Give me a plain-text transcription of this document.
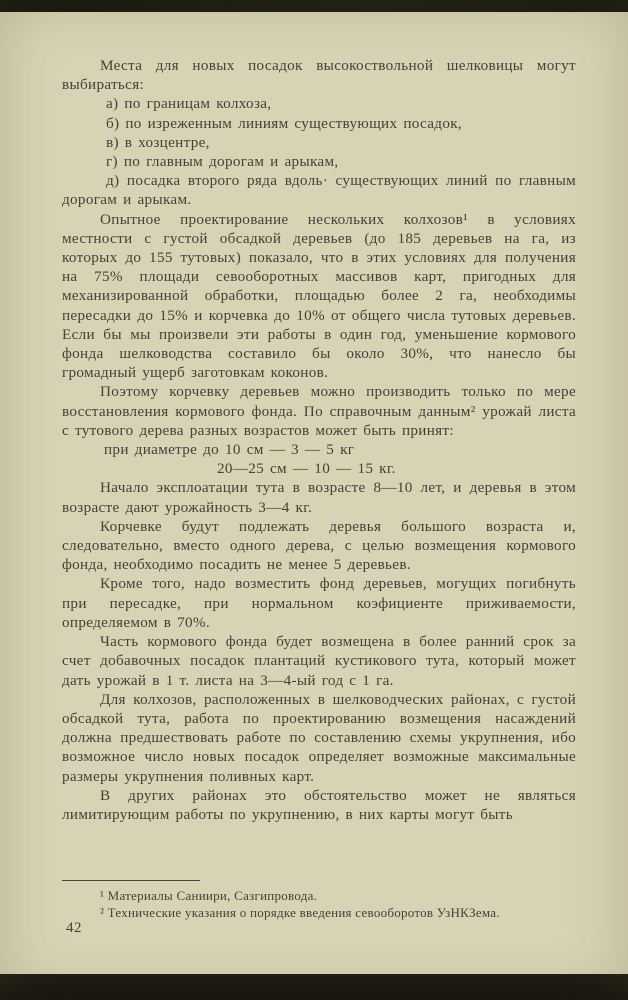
Места для новых посадок высокоствольной шелковицы могут выбираться:

а) по границам колхоза,

б) по изреженным линиям существующих посадок,

в) в хозцентре,

г) по главным дорогам и арыкам,

д) посадка второго ряда вдоль· существующих линий по главным дорогам и арыкам.

Опытное проектирование нескольких колхозов¹ в условиях местности с густой обсадкой деревьев (до 185 деревьев на га, из которых до 155 тутовых) показало, что в этих условиях для получения на 75% площади севооборотных массивов карт, пригодных для механизированной обработки, площадью более 2 га, необходимы пересадки до 15% и корчевка до 10% от общего числа тутовых деревьев. Если бы мы произвели эти работы в один год, уменьшение кормового фонда шелководства составило бы около 30%, что нанесло бы громадный ущерб заготовкам коконов.

Поэтому корчевку деревьев можно производить только по мере восстановления кормового фонда. По справочным данным² урожай листа с тутового дерева разных возрастов может быть принят:

при диаметре до 10 см — 3 — 5 кг

20—25 см — 10 — 15 кг.

Начало эксплоатации тута в возрасте 8—10 лет, и деревья в этом возрасте дают урожайность 3—4 кг.

Корчевке будут подлежать деревья большого возраста и, следовательно, вместо одного дерева, с целью возмещения кормового фонда, необходимо посадить не менее 5 деревьев.

Кроме того, надо возместить фонд деревьев, могущих погибнуть при пересадке, при нормальном коэфициенте приживаемости, определяемом в 70%.

Часть кормового фонда будет возмещена в более ранний срок за счет добавочных посадок плантаций кустикового тута, который может дать урожай в 1 т. листа на 3—4-ый год с 1 га.

Для колхозов, расположенных в шелководческих районах, с густой обсадкой тута, работа по проектированию возмещения насаждений должна предшествовать работе по составлению схемы укрупнения, ибо возможное число новых посадок определяет возможные максимальные размеры укрупнения поливных карт.

В других районах это обстоятельство может не являться лимитирующим работы по укрупнению, в них карты могут быть

¹ Материалы Саниири, Сазгипровода.

² Технические указания о порядке введения севооборотов УзНКЗема.

42
